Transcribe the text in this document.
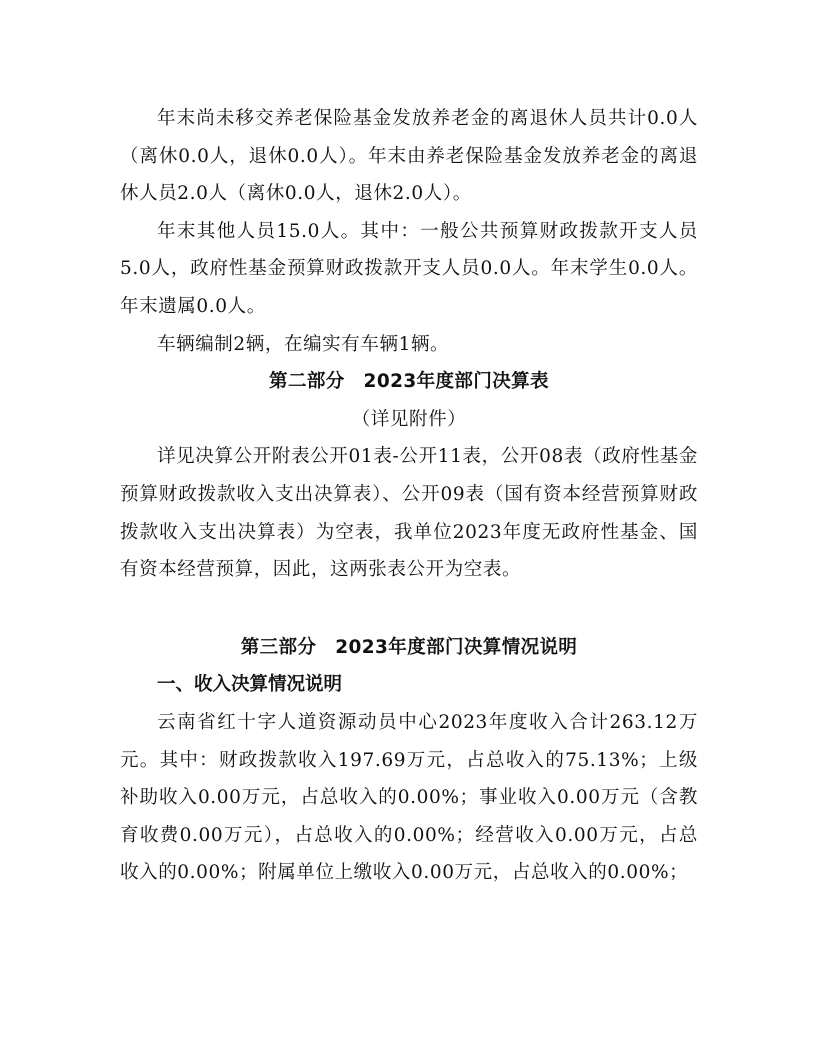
年末尚未移交养老保险基金发放养老金的离退休人员共计0.0人（离休0.0人，退休0.0人）。年末由养老保险基金发放养老金的离退休人员2.0人（离休0.0人，退休2.0人）。

年末其他人员15.0人。其中：一般公共预算财政拨款开支人员5.0人，政府性基金预算财政拨款开支人员0.0人。年末学生0.0人。年末遗属0.0人。

车辆编制2辆，在编实有车辆1辆。

第二部分　2023年度部门决算表

（详见附件）

详见决算公开附表公开01表-公开11表，公开08表（政府性基金预算财政拨款收入支出决算表）、公开09表（国有资本经营预算财政拨款收入支出决算表）为空表，我单位2023年度无政府性基金、国有资本经营预算，因此，这两张表公开为空表。

第三部分　2023年度部门决算情况说明
一、收入决算情况说明

云南省红十字人道资源动员中心2023年度收入合计263.12万元。其中：财政拨款收入197.69万元，占总收入的75.13%；上级补助收入0.00万元，占总收入的0.00%；事业收入0.00万元（含教育收费0.00万元），占总收入的0.00%；经营收入0.00万元，占总收入的0.00%；附属单位上缴收入0.00万元，占总收入的0.00%；
